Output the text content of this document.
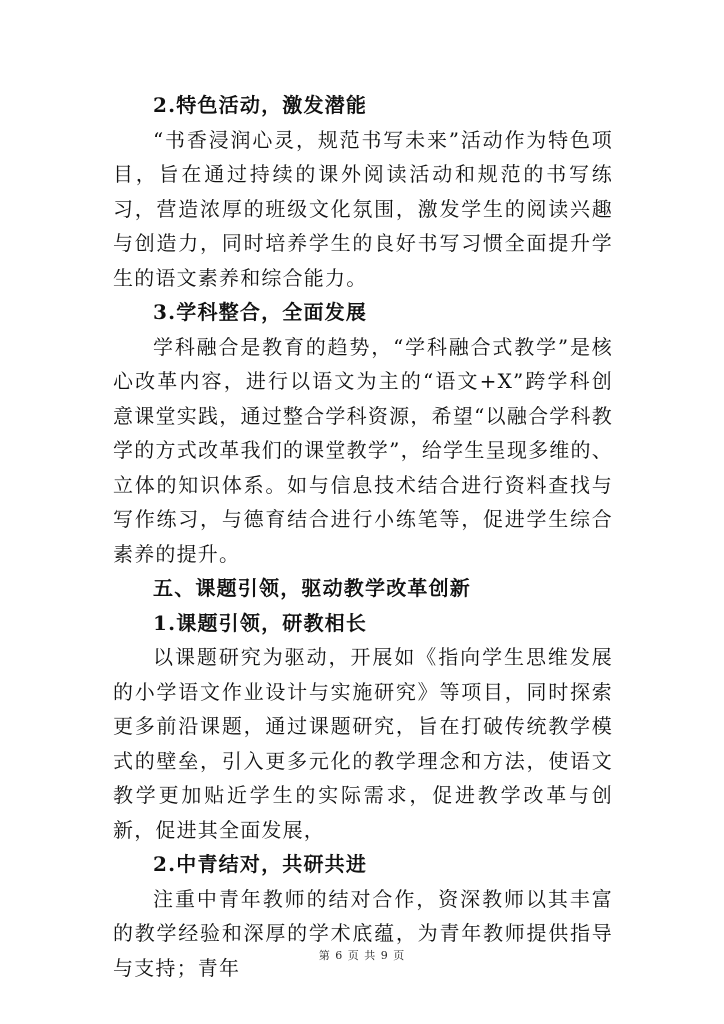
2.特色活动，激发潜能

“书香浸润心灵，规范书写未来”活动作为特色项目，旨在通过持续的课外阅读活动和规范的书写练习，营造浓厚的班级文化氛围，激发学生的阅读兴趣与创造力，同时培养学生的良好书写习惯全面提升学生的语文素养和综合能力。

3.学科整合，全面发展

学科融合是教育的趋势，“学科融合式教学”是核心改革内容，进行以语文为主的“语文+X”跨学科创意课堂实践，通过整合学科资源，希望“以融合学科教学的方式改革我们的课堂教学”，给学生呈现多维的、立体的知识体系。如与信息技术结合进行资料查找与写作练习，与德育结合进行小练笔等，促进学生综合素养的提升。

五、课题引领，驱动教学改革创新

1.课题引领，研教相长

以课题研究为驱动，开展如《指向学生思维发展的小学语文作业设计与实施研究》等项目，同时探索更多前沿课题，通过课题研究，旨在打破传统教学模式的壁垒，引入更多元化的教学理念和方法，使语文教学更加贴近学生的实际需求，促进教学改革与创新，促进其全面发展，

2.中青结对，共研共进

注重中青年教师的结对合作，资深教师以其丰富的教学经验和深厚的学术底蕴，为青年教师提供指导与支持；青年	第 6 页 共 9 页
